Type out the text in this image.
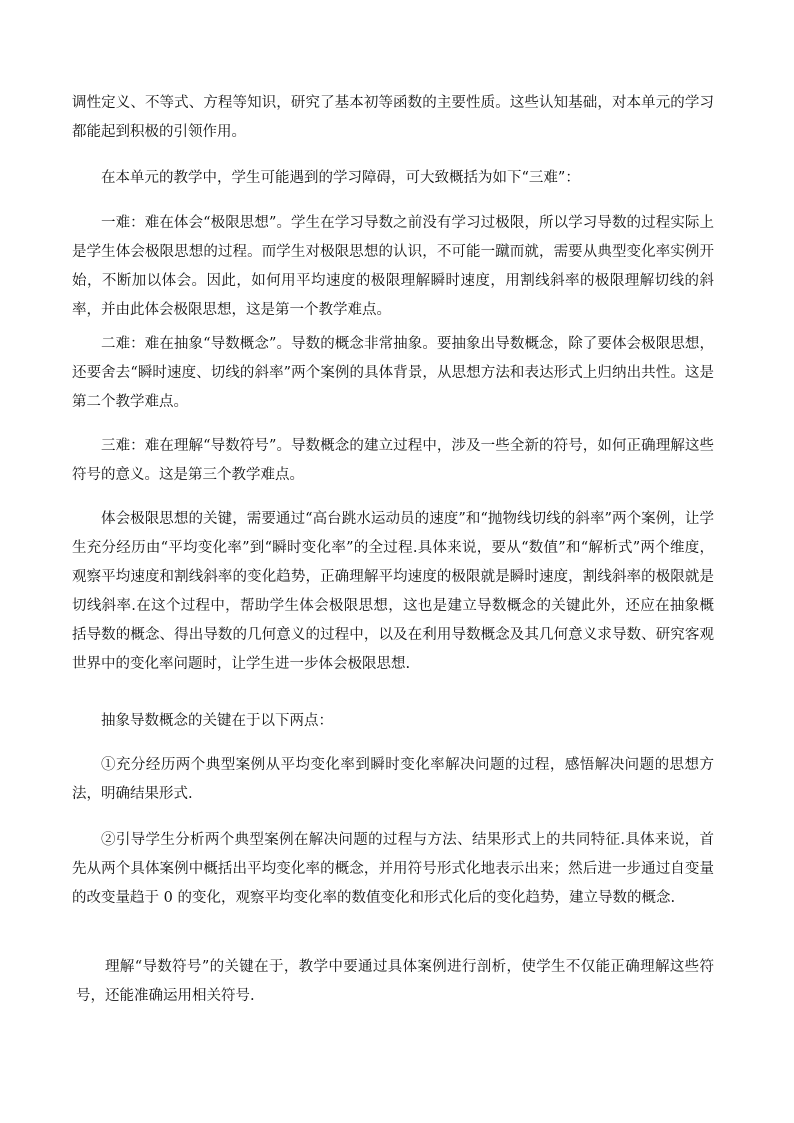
调性定义、不等式、方程等知识，研究了基本初等函数的主要性质。这些认知基础，对本单元的学习都能起到积极的引领作用。

在本单元的教学中，学生可能遇到的学习障碍，可大致概括为如下“三难”：

一难：难在体会“极限思想”。学生在学习导数之前没有学习过极限，所以学习导数的过程实际上是学生体会极限思想的过程。而学生对极限思想的认识，不可能一蹴而就，需要从典型变化率实例开始，不断加以体会。因此，如何用平均速度的极限理解瞬时速度，用割线斜率的极限理解切线的斜率，并由此体会极限思想，这是第一个教学难点。

二难：难在抽象“导数概念”。导数的概念非常抽象。要抽象出导数概念，除了要体会极限思想，还要舍去“瞬时速度、切线的斜率”两个案例的具体背景，从思想方法和表达形式上归纳出共性。这是第二个教学难点。

三难：难在理解“导数符号”。导数概念的建立过程中，涉及一些全新的符号，如何正确理解这些符号的意义。这是第三个教学难点。

体会极限思想的关键，需要通过“高台跳水运动员的速度”和“抛物线切线的斜率”两个案例，让学生充分经历由“平均变化率”到“瞬时变化率”的全过程.具体来说，要从“数值”和“解析式”两个维度，观察平均速度和割线斜率的变化趋势，正确理解平均速度的极限就是瞬时速度，割线斜率的极限就是切线斜率.在这个过程中，帮助学生体会极限思想，这也是建立导数概念的关键此外，还应在抽象概括导数的概念、得出导数的几何意义的过程中，以及在利用导数概念及其几何意义求导数、研究客观世界中的变化率问题时，让学生进一步体会极限思想.

抽象导数概念的关键在于以下两点：

①充分经历两个典型案例从平均变化率到瞬时变化率解决问题的过程，感悟解决问题的思想方法，明确结果形式.

②引导学生分析两个典型案例在解决问题的过程与方法、结果形式上的共同特征.具体来说，首先从两个具体案例中概括出平均变化率的概念，并用符号形式化地表示出来；然后进一步通过自变量的改变量趋于 0 的变化，观察平均变化率的数值变化和形式化后的变化趋势，建立导数的概念.

理解“导数符号”的关键在于，教学中要通过具体案例进行剖析，使学生不仅能正确理解这些符号，还能准确运用相关符号.
